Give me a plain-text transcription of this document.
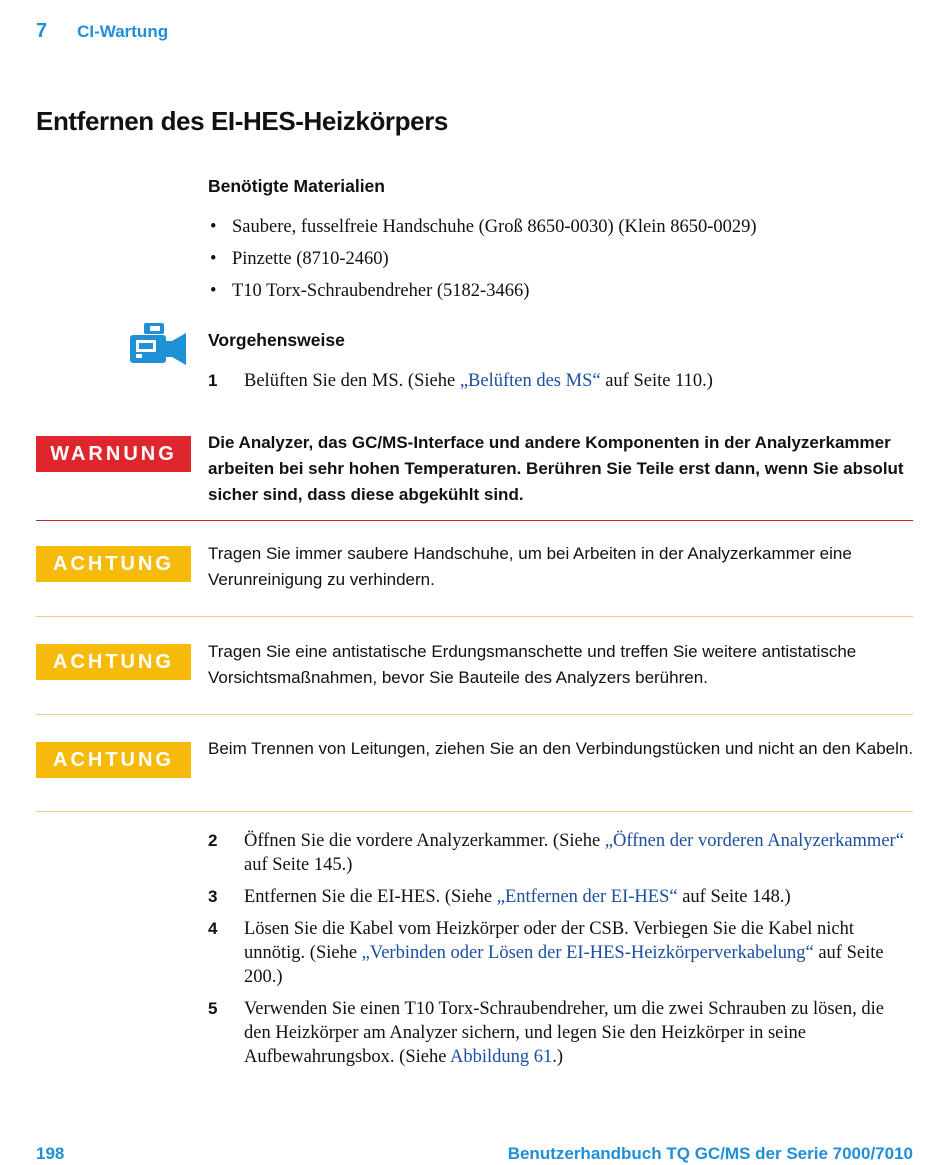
7 CI-Wartung
Entfernen des EI-HES-Heizkörpers

Benötigte Materialien

• Saubere, fusselfreie Handschuhe (Groß 8650-0030) (Klein 8650-0029)
• Pinzette (8710-2460)
• T10 Torx-Schraubendreher (5182-3466)

Vorgehensweise

1 Belüften Sie den MS. (Siehe „Belüften des MS“ auf Seite 110.)
WARNUNG
Die Analyzer, das GC/MS-Interface und andere Komponenten in der Analyzerkammer arbeiten bei sehr hohen Temperaturen. Berühren Sie Teile erst dann, wenn Sie absolut sicher sind, dass diese abgekühlt sind.
ACHTUNG	Tragen Sie immer saubere Handschuhe, um bei Arbeiten in der Analyzerkammer eine Verunreinigung zu verhindern.
ACHTUNG	Tragen Sie eine antistatische Erdungsmanschette und treffen Sie weitere antistatische Vorsichtsmaßnahmen, bevor Sie Bauteile des Analyzers berühren.
ACHTUNG
Beim Trennen von Leitungen, ziehen Sie an den Verbindungstücken und nicht an den Kabeln.
2 Öffnen Sie die vordere Analyzerkammer. (Siehe „Öffnen der vorderen Analyzerkammer“ auf Seite 145.)
3 Entfernen Sie die EI-HES. (Siehe „Entfernen der EI-HES“ auf Seite 148.)
4 Lösen Sie die Kabel vom Heizkörper oder der CSB. Verbiegen Sie die Kabel nicht unnötig. (Siehe „Verbinden oder Lösen der EI-HES-Heizkörperverkabelung“ auf Seite 200.)
5 Verwenden Sie einen T10 Torx-Schraubendreher, um die zwei Schrauben zu lösen, die den Heizkörper am Analyzer sichern, und legen Sie den Heizkörper in seine Aufbewahrungsbox. (Siehe Abbildung 61.)
198	Benutzerhandbuch TQ GC/MS der Serie 7000/7010
